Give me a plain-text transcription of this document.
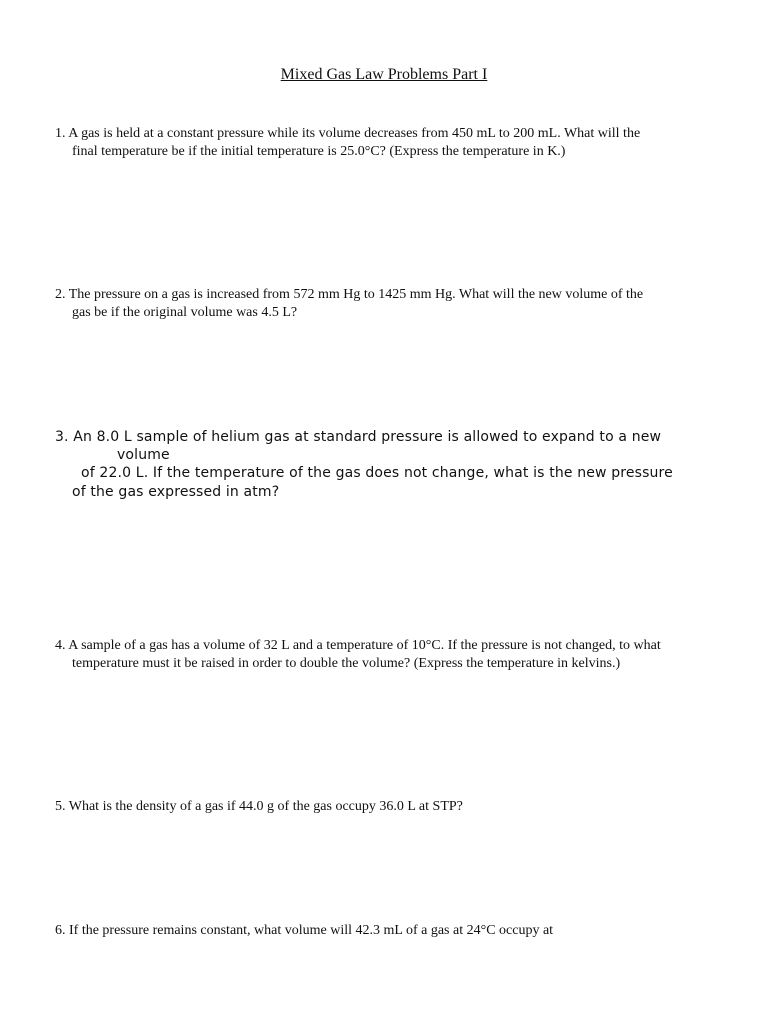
Mixed Gas Law Problems Part I
1. A gas is held at a constant pressure while its volume decreases from 450 mL to 200 mL. What will the
final temperature be if the initial temperature is 25.0°C? (Express the temperature in K.)
2. The pressure on a gas is increased from 572 mm Hg to 1425 mm Hg. What will the new volume of the
gas be if the original volume was 4.5 L?
3. An 8.0 L sample of helium gas at standard pressure is allowed to expand to a new
volume
of 22.0 L. If the temperature of the gas does not change, what is the new pressure
of the gas expressed in atm?
4. A sample of a gas has a volume of 32 L and a temperature of 10°C. If the pressure is not changed, to what
temperature must it be raised in order to double the volume? (Express the temperature in kelvins.)
5. What is the density of a gas if 44.0 g of the gas occupy 36.0 L at STP?
6. If the pressure remains constant, what volume will 42.3 mL of a gas at 24°C occupy at
